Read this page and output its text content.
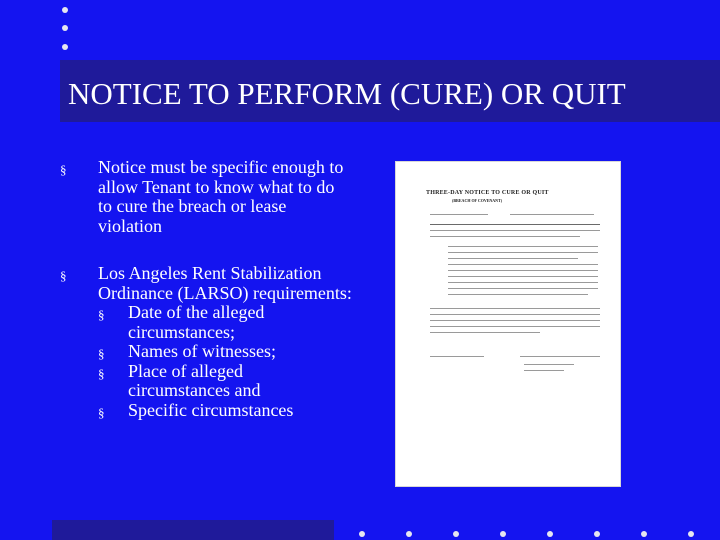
NOTICE TO PERFORM (CURE) OR QUIT
§ Notice must be specific enough to allow Tenant to know what to do to cure the breach or lease violation
§ Los Angeles Rent Stabilization Ordinance (LARSO) requirements:
§ Date of the alleged circumstances;
§ Names of witnesses;
§ Place of alleged circumstances and
§ Specific circumstances
THREE-DAY NOTICE TO CURE OR QUIT
(BREACH OF COVENANT)
